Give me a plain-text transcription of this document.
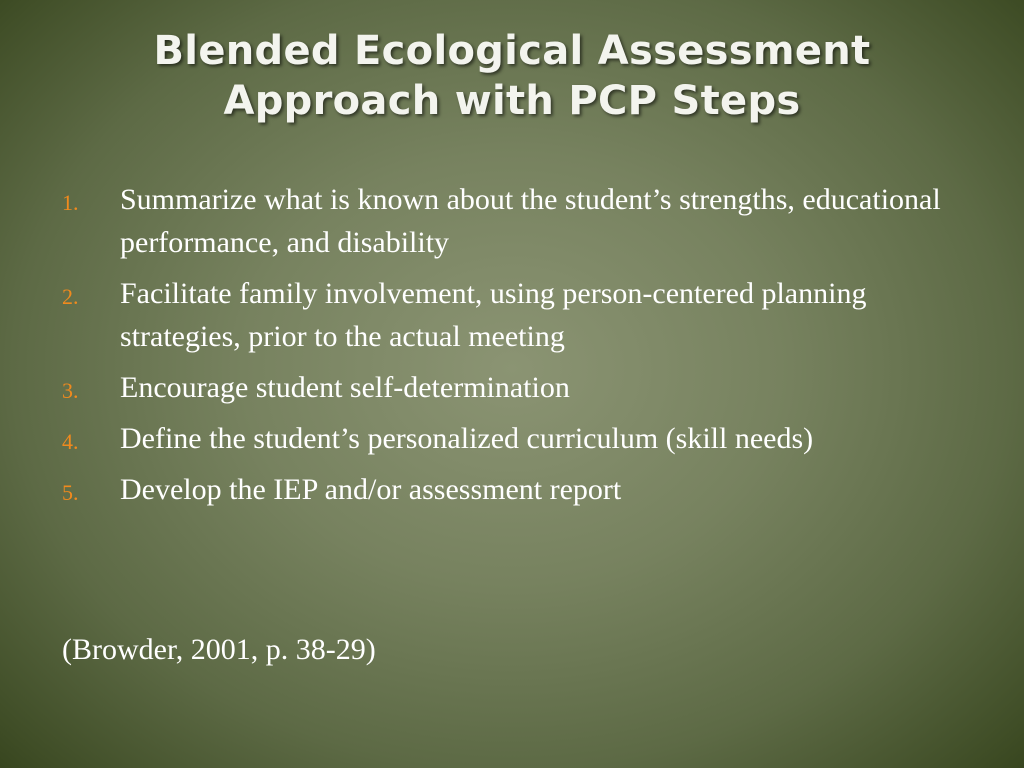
Blended Ecological Assessment
Approach with PCP Steps
1. Summarize what is known about the student’s strengths, educational performance, and disability
2. Facilitate family involvement, using person-centered planning strategies, prior to the actual meeting
3. Encourage student self-determination
4. Define the student’s personalized curriculum (skill needs)
5. Develop the IEP and/or assessment report
(Browder, 2001, p. 38-29)
